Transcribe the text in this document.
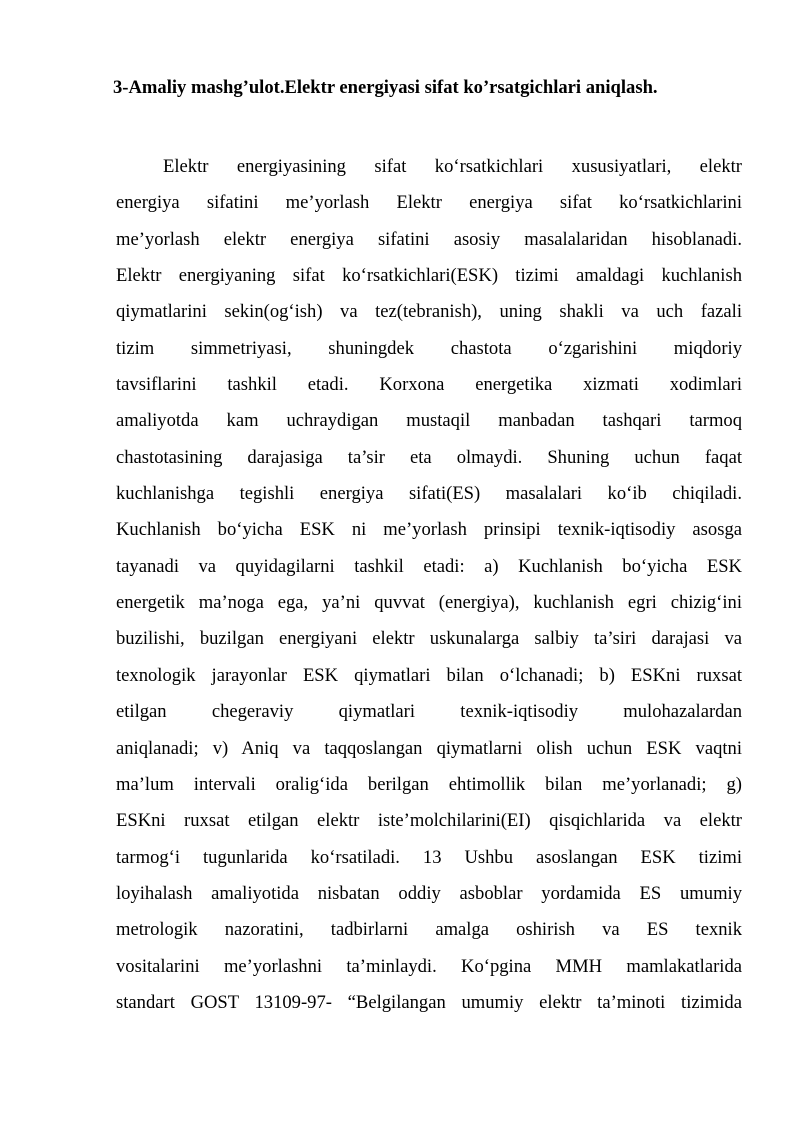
3-Amaliy mashg’ulot.Elektr energiyasi sifat ko’rsatgichlari aniqlash.
Elektr energiyasining sifat ko‘rsatkichlari xususiyatlari, elektr
energiya sifatini me’yorlash Elektr energiya sifat ko‘rsatkichlarini
me’yorlash elektr energiya sifatini asosiy masalalaridan hisoblanadi.
Elektr energiyaning sifat ko‘rsatkichlari(ESK) tizimi amaldagi kuchlanish
qiymatlarini sekin(og‘ish) va tez(tebranish), uning shakli va uch fazali
tizim simmetriyasi, shuningdek chastota o‘zgarishini miqdoriy
tavsiflarini tashkil etadi. Korxona energetika xizmati xodimlari
amaliyotda kam uchraydigan mustaqil manbadan tashqari tarmoq
chastotasining darajasiga ta’sir eta olmaydi. Shuning uchun faqat
kuchlanishga tegishli energiya sifati(ES) masalalari ko‘ib chiqiladi.
Kuchlanish bo‘yicha ESK ni me’yorlash prinsipi texnik-iqtisodiy asosga
tayanadi va quyidagilarni tashkil etadi: a) Kuchlanish bo‘yicha ESK
energetik ma’noga ega, ya’ni quvvat (energiya), kuchlanish egri chizig‘ini
buzilishi, buzilgan energiyani elektr uskunalarga salbiy ta’siri darajasi va
texnologik jarayonlar ESK qiymatlari bilan o‘lchanadi; b) ESKni ruxsat
etilgan chegeraviy qiymatlari texnik-iqtisodiy mulohazalardan
aniqlanadi; v) Aniq va taqqoslangan qiymatlarni olish uchun ESK vaqtni
ma’lum intervali oralig‘ida berilgan ehtimollik bilan me’yorlanadi; g)
ESKni ruxsat etilgan elektr iste’molchilarini(EI) qisqichlarida va elektr
tarmog‘i tugunlarida ko‘rsatiladi. 13 Ushbu asoslangan ESK tizimi
loyihalash amaliyotida nisbatan oddiy asboblar yordamida ES umumiy
metrologik nazoratini, tadbirlarni amalga oshirish va ES texnik
vositalarini me’yorlashni ta’minlaydi. Ko‘pgina MMH mamlakatlarida
standart GOST 13109-97- “Belgilangan umumiy elektr ta’minoti tizimida
